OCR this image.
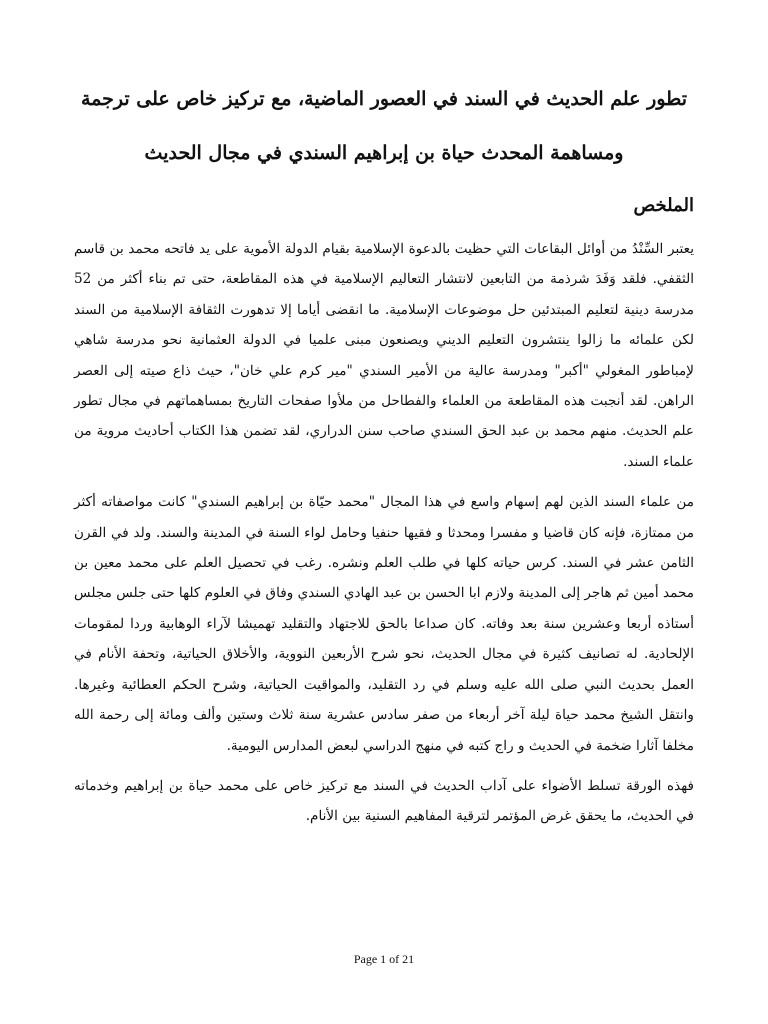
تطور علم الحديث في السند في العصور الماضية، مع تركيز خاص على ترجمة
ومساهمة المحدث حياة بن إبراهيم السندي في مجال الحديث
الملخص

يعتبر السِّنْدُ من أوائل البقاعات التي حظيت بالدعوة الإسلامية بقيام الدولة الأموية على يد فاتحه محمد بن قاسم الثقفي. فلقد وَفَدَ شرذمة من التابعين لانتشار التعاليم الإسلامية في هذه المقاطعة، حتى تم بناء أكثر من 52 مدرسة دينية لتعليم المبتدئين حل موضوعات الإسلامية. ما انقضى أياما إلا تدهورت الثقافة الإسلامية من السند لكن علمائه ما زالوا ينتشرون التعليم الديني ويصنعون مبنى علميا في الدولة العثمانية نحو مدرسة شاهي لإمباطور المغولي "أكبر" ومدرسة عالية من الأمير السندي "مير كرم علي خان"، حيث ذاع صيته إلى العصر الراهن. لقد أنجبت هذه المقاطعة من العلماء والفطاحل من ملأوا صفحات التاريخ بمساهماتهم في مجال تطور علم الحديث. منهم محمد بن عبد الحق السندي صاحب سنن الدراري، لقد تضمن هذا الكتاب أحاديث مروية من علماء السند.

من علماء السند الذين لهم إسهام واسع في هذا المجال "محمد حيّاة بن إبراهيم السندي" كانت مواصفاته أكثر من ممتازة، فإنه كان قاضيا و مفسرا ومحدثا و فقيها حنفيا وحامل لواء السنة في المدينة والسند. ولد في القرن الثامن عشر في السند. كرس حياته كلها في طلب العلم ونشره. رغب في تحصيل العلم على محمد معين بن محمد أمين ثم هاجر إلى المدينة ولازم ابا الحسن بن عبد الهادي السندي وفاق في العلوم كلها حتى جلس مجلس أستاذه أربعا وعشرين سنة بعد وفاته. كان صداعا بالحق للاجتهاد والتقليد تهميشا لآراء الوهابية وردا لمقومات الإلحادية. له تصانيف كثيرة في مجال الحديث، نحو شرح الأربعين النووية، والأخلاق الحياتية، وتحفة الأنام في العمل بحديث النبي صلى الله عليه وسلم في رد التقليد، والمواقيت الحياتية، وشرح الحكم العطائية وغيرها. وانتقل الشيخ محمد حياة ليلة آخر أربعاء من صفر سادس عشرية سنة ثلاث وستين وألف ومائة إلى رحمة الله مخلفا آثارا ضخمة في الحديث و راج كتبه في منهج الدراسي لبعض المدارس اليومية.

فهذه الورقة تسلط الأضواء على آداب الحديث في السند مع تركيز خاص على محمد حياة بن إبراهيم وخدماته في الحديث، ما يحقق غرض المؤتمر لترقية المفاهيم السنية بين الأنام.

Page 1 of 21
